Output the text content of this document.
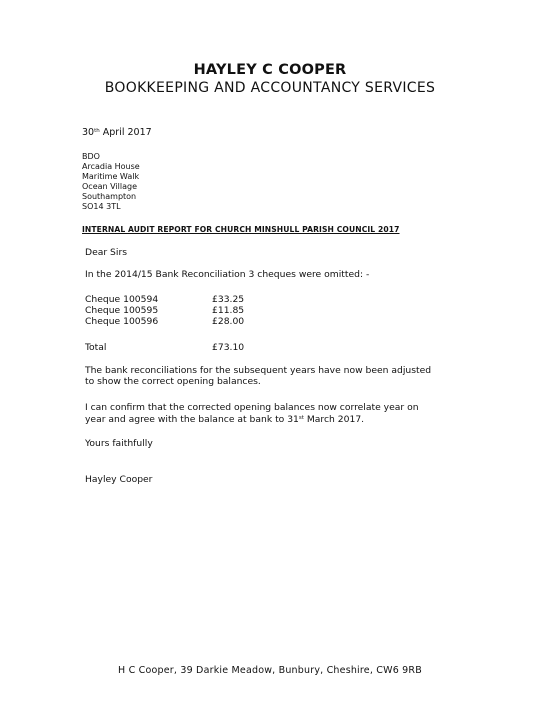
HAYLEY C COOPER
BOOKKEEPING AND ACCOUNTANCY SERVICES
30th April 2017
BDO
Arcadia House
Maritime Walk
Ocean Village
Southampton
SO14 3TL
INTERNAL AUDIT REPORT FOR CHURCH MINSHULL PARISH COUNCIL 2017
Dear Sirs
In the 2014/15 Bank Reconciliation 3 cheques were omitted: -
Cheque 100594	£33.25
Cheque 100595	£11.85
Cheque 100596	£28.00
Total	£73.10
The bank reconciliations for the subsequent years have now been adjusted
to show the correct opening balances.
I can confirm that the corrected opening balances now correlate year on
year and agree with the balance at bank to 31st March 2017.
Yours faithfully
Hayley Cooper
H C Cooper, 39 Darkie Meadow, Bunbury, Cheshire, CW6 9RB
